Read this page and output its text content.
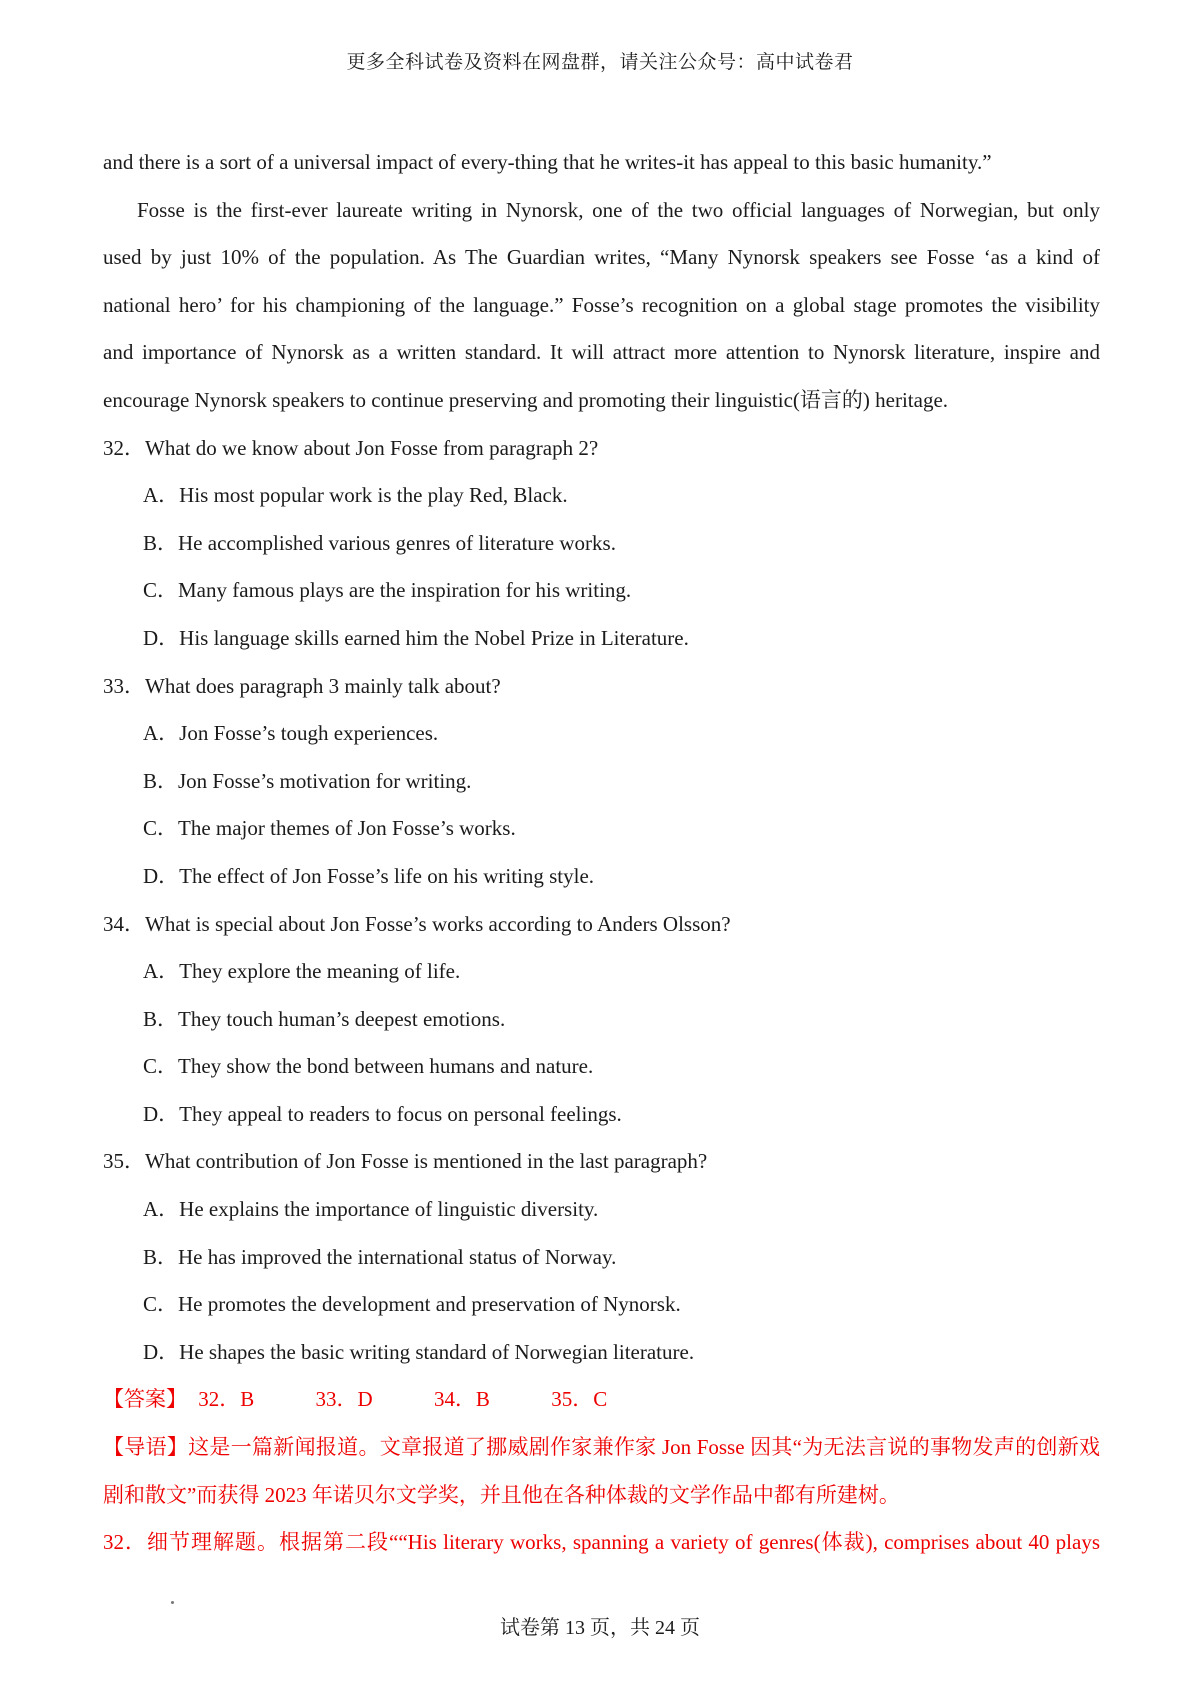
更多全科试卷及资料在网盘群，请关注公众号：高中试卷君
and there is a sort of a universal impact of every-thing that he writes-it has appeal to this basic humanity.”
Fosse is the first-ever laureate writing in Nynorsk, one of the two official languages of Norwegian, but only
used by just 10% of the population. As The Guardian writes, “Many Nynorsk speakers see Fosse ‘as a kind of
national hero’ for his championing of the language.” Fosse’s recognition on a global stage promotes the visibility
and importance of Nynorsk as a written standard. It will attract more attention to Nynorsk literature, inspire and
encourage Nynorsk speakers to continue preserving and promoting their linguistic(语言的) heritage.
32．What do we know about Jon Fosse from paragraph 2?
A．His most popular work is the play Red, Black.
B．He accomplished various genres of literature works.
C．Many famous plays are the inspiration for his writing.
D．His language skills earned him the Nobel Prize in Literature.
33．What does paragraph 3 mainly talk about?
A．Jon Fosse’s tough experiences.
B．Jon Fosse’s motivation for writing.
C．The major themes of Jon Fosse’s works.
D．The effect of Jon Fosse’s life on his writing style.
34．What is special about Jon Fosse’s works according to Anders Olsson?
A．They explore the meaning of life.
B．They touch human’s deepest emotions.
C．They show the bond between humans and nature.
D．They appeal to readers to focus on personal feelings.
35．What contribution of Jon Fosse is mentioned in the last paragraph?
A．He explains the importance of linguistic diversity.
B．He has improved the international status of Norway.
C．He promotes the development and preservation of Nynorsk.
D．He shapes the basic writing standard of Norwegian literature.
【答案】 32．B	33．D	34．B	35．C
【导语】这是一篇新闻报道。文章报道了挪威剧作家兼作家 Jon Fosse 因其“为无法言说的事物发声的创新戏
剧和散文”而获得 2023 年诺贝尔文学奖，并且他在各种体裁的文学作品中都有所建树。
32．细节理解题。根据第二段““His literary works, spanning a variety of genres(体裁), comprises about 40 plays
试卷第 13 页，共 24 页
